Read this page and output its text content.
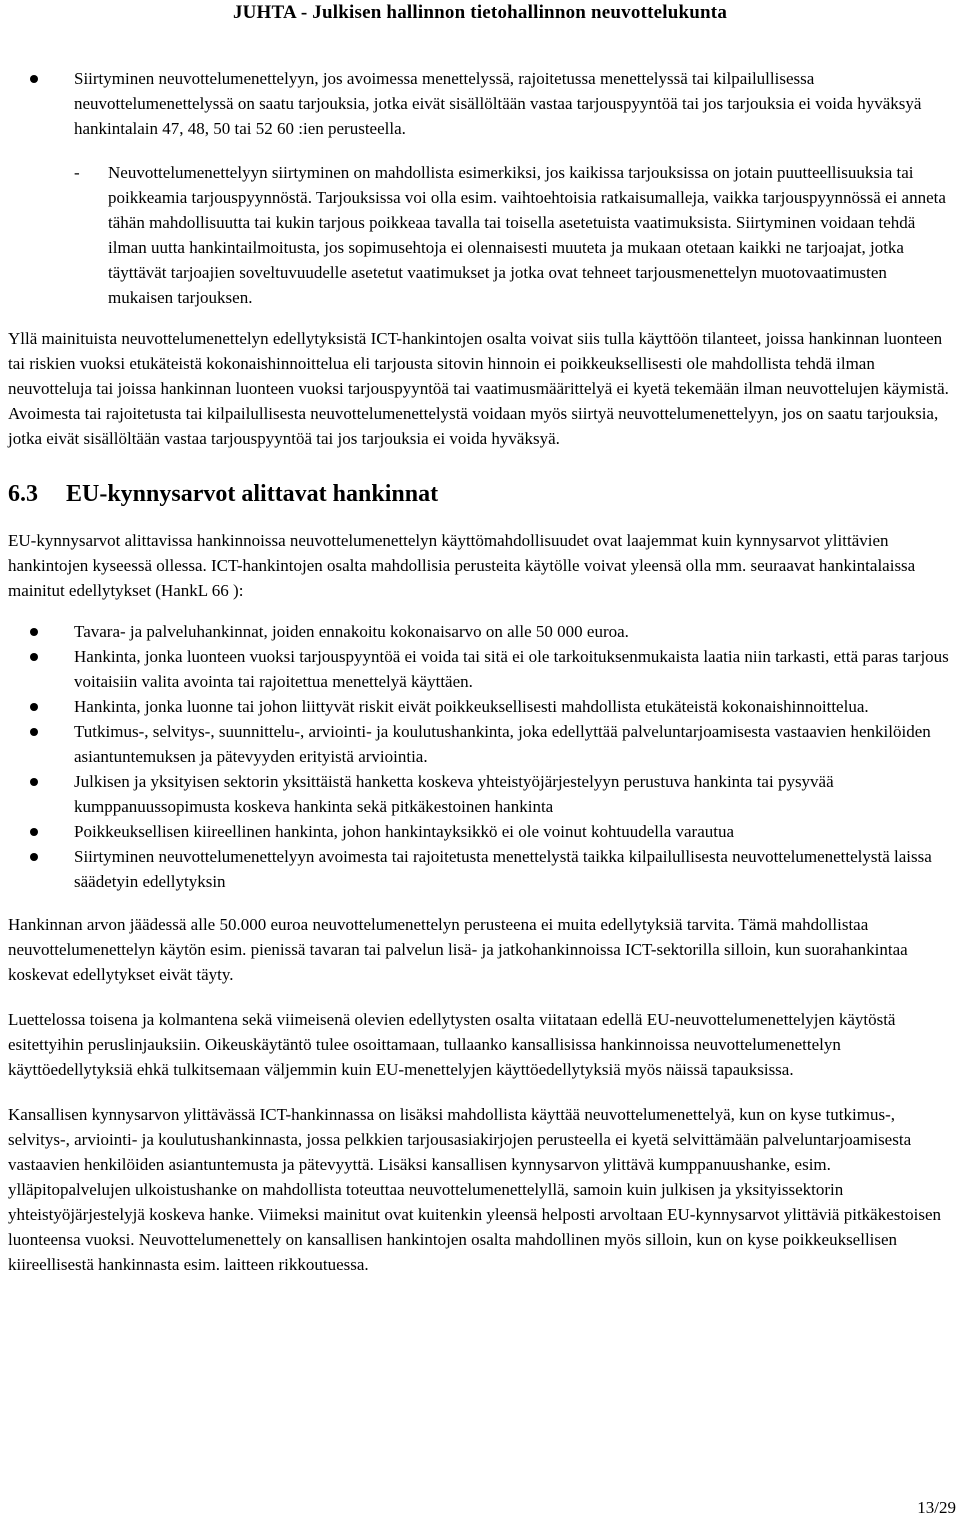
JUHTA - Julkisen hallinnon tietohallinnon neuvottelukunta
Siirtyminen neuvottelumenettelyyn, jos avoimessa menettelyssä, rajoitetussa menettelyssä tai kilpailullisessa neuvottelumenettelyssä on saatu tarjouksia, jotka eivät sisällöltään vastaa tarjouspyyntöä tai jos tarjouksia ei voida hyväksyä hankintalain 47, 48, 50 tai 52 60 :ien perusteella.
- Neuvottelumenettelyyn siirtyminen on mahdollista esimerkiksi, jos kaikissa tarjouksissa on jotain puutteellisuuksia tai poikkeamia tarjouspyynnöstä. Tarjouksissa voi olla esim. vaihtoehtoisia ratkaisumalleja, vaikka tarjouspyynnössä ei anneta tähän mahdollisuutta tai kukin tarjous poikkeaa tavalla tai toisella asetetuista vaatimuksista. Siirtyminen voidaan tehdä ilman uutta hankintailmoitusta, jos sopimusehtoja ei olennaisesti muuteta ja mukaan otetaan kaikki ne tarjoajat, jotka täyttävät tarjoajien soveltuvuudelle asetetut vaatimukset ja jotka ovat tehneet tarjousmenettelyn muotovaatimusten mukaisen tarjouksen.

Yllä mainituista neuvottelumenettelyn edellytyksistä ICT-hankintojen osalta voivat siis tulla käyttöön tilanteet, joissa hankinnan luonteen tai riskien vuoksi etukäteistä kokonaishinnoittelua eli tarjousta sitovin hinnoin ei poikkeuksellisesti ole mahdollista tehdä ilman neuvotteluja tai joissa hankinnan luonteen vuoksi tarjouspyyntöä tai vaatimusmäärittelyä ei kyetä tekemään ilman neuvottelujen käymistä. Avoimesta tai rajoitetusta tai kilpailullisesta neuvottelumenettelystä voidaan myös siirtyä neuvottelumenettelyyn, jos on saatu tarjouksia, jotka eivät sisällöltään vastaa tarjouspyyntöä tai jos tarjouksia ei voida hyväksyä.

6.3 EU-kynnysarvot alittavat hankinnat

EU-kynnysarvot alittavissa hankinnoissa neuvottelumenettelyn käyttömahdollisuudet ovat laajemmat kuin kynnysarvot ylittävien hankintojen kyseessä ollessa. ICT-hankintojen osalta mahdollisia perusteita käytölle voivat yleensä olla mm. seuraavat hankintalaissa mainitut edellytykset (HankL 66 ):

Tavara- ja palveluhankinnat, joiden ennakoitu kokonaisarvo on alle 50 000 euroa.
Hankinta, jonka luonteen vuoksi tarjouspyyntöä ei voida tai sitä ei ole tarkoituksenmukaista laatia niin tarkasti, että paras tarjous voitaisiin valita avointa tai rajoitettua menettelyä käyttäen.
Hankinta, jonka luonne tai johon liittyvät riskit eivät poikkeuksellisesti mahdollista etukäteistä kokonaishinnoittelua.
Tutkimus-, selvitys-, suunnittelu-, arviointi- ja koulutushankinta, joka edellyttää palveluntarjoamisesta vastaavien henkilöiden asiantuntemuksen ja pätevyyden erityistä arviointia.
Julkisen ja yksityisen sektorin yksittäistä hanketta koskeva yhteistyöjärjestelyyn perustuva hankinta tai pysyvää kumppanuussopimusta koskeva hankinta sekä pitkäkestoinen hankinta
Poikkeuksellisen kiireellinen hankinta, johon hankintayksikkö ei ole voinut kohtuudella varautua
Siirtyminen neuvottelumenettelyyn avoimesta tai rajoitetusta menettelystä taikka kilpailullisesta neuvottelumenettelystä laissa säädetyin edellytyksin

Hankinnan arvon jäädessä alle 50.000 euroa neuvottelumenettelyn perusteena ei muita edellytyksiä tarvita. Tämä mahdollistaa neuvottelumenettelyn käytön esim. pienissä tavaran tai palvelun lisä- ja jatkohankinnoissa ICT-sektorilla silloin, kun suorahankintaa koskevat edellytykset eivät täyty.

Luettelossa toisena ja kolmantena sekä viimeisenä olevien edellytysten osalta viitataan edellä EU-neuvottelumenettelyjen käytöstä esitettyihin peruslinjauksiin. Oikeuskäytäntö tulee osoittamaan, tullaanko kansallisissa hankinnoissa neuvottelumenettelyn käyttöedellytyksiä ehkä tulkitsemaan väljemmin kuin EU-menettelyjen käyttöedellytyksiä myös näissä tapauksissa.

Kansallisen kynnysarvon ylittävässä ICT-hankinnassa on lisäksi mahdollista käyttää neuvottelumenettelyä, kun on kyse tutkimus-, selvitys-, arviointi- ja koulutushankinnasta, jossa pelkkien tarjousasiakirjojen perusteella ei kyetä selvittämään palveluntarjoamisesta vastaavien henkilöiden asiantuntemusta ja pätevyyttä. Lisäksi kansallisen kynnysarvon ylittävä kumppanuushanke, esim. ylläpitopalvelujen ulkoistushanke on mahdollista toteuttaa neuvottelumenettelyllä, samoin kuin julkisen ja yksityissektorin yhteistyöjärjestelyjä koskeva hanke. Viimeksi mainitut ovat kuitenkin yleensä helposti arvoltaan EU-kynnysarvot ylittäviä pitkäkestoisen luonteensa vuoksi. Neuvottelumenettely on kansallisen hankintojen osalta mahdollinen myös silloin, kun on kyse poikkeuksellisen kiireellisestä hankinnasta esim. laitteen rikkoutuessa.

13/29
